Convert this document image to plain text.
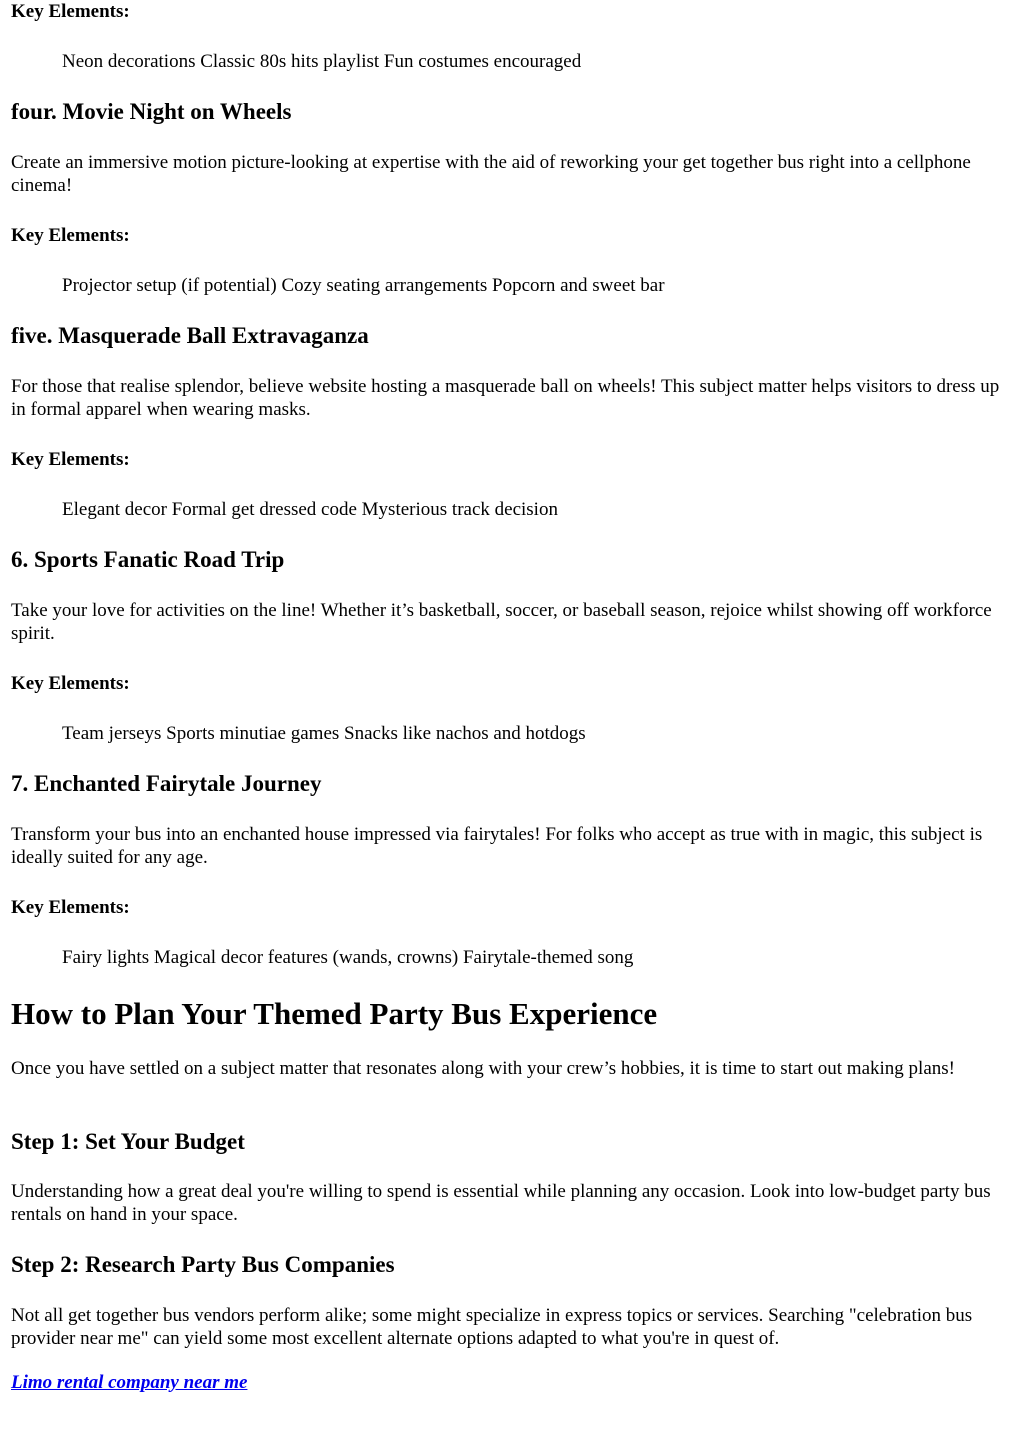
Key Elements:

Neon decorations Classic 80s hits playlist Fun costumes encouraged

four. Movie Night on Wheels

Create an immersive motion picture-looking at expertise with the aid of reworking your get together bus right into a cellphone cinema!

Key Elements:

Projector setup (if potential) Cozy seating arrangements Popcorn and sweet bar

five. Masquerade Ball Extravaganza

For those that realise splendor, believe website hosting a masquerade ball on wheels! This subject matter helps visitors to dress up in formal apparel when wearing masks.

Key Elements:

Elegant decor Formal get dressed code Mysterious track decision

6. Sports Fanatic Road Trip

Take your love for activities on the line! Whether it’s basketball, soccer, or baseball season, rejoice whilst showing off workforce spirit.

Key Elements:

Team jerseys Sports minutiae games Snacks like nachos and hotdogs

7. Enchanted Fairytale Journey

Transform your bus into an enchanted house impressed via fairytales! For folks who accept as true with in magic, this subject is ideally suited for any age.

Key Elements:

Fairy lights Magical decor features (wands, crowns) Fairytale-themed song

How to Plan Your Themed Party Bus Experience

Once you have settled on a subject matter that resonates along with your crew’s hobbies, it is time to start out making plans!

Step 1: Set Your Budget

Understanding how a great deal you're willing to spend is essential while planning any occasion. Look into low-budget party bus rentals on hand in your space.

Step 2: Research Party Bus Companies

Not all get together bus vendors perform alike; some might specialize in express topics or services. Searching "celebration bus provider near me" can yield some most excellent alternate options adapted to what you're in quest of.

Limo rental company near me
